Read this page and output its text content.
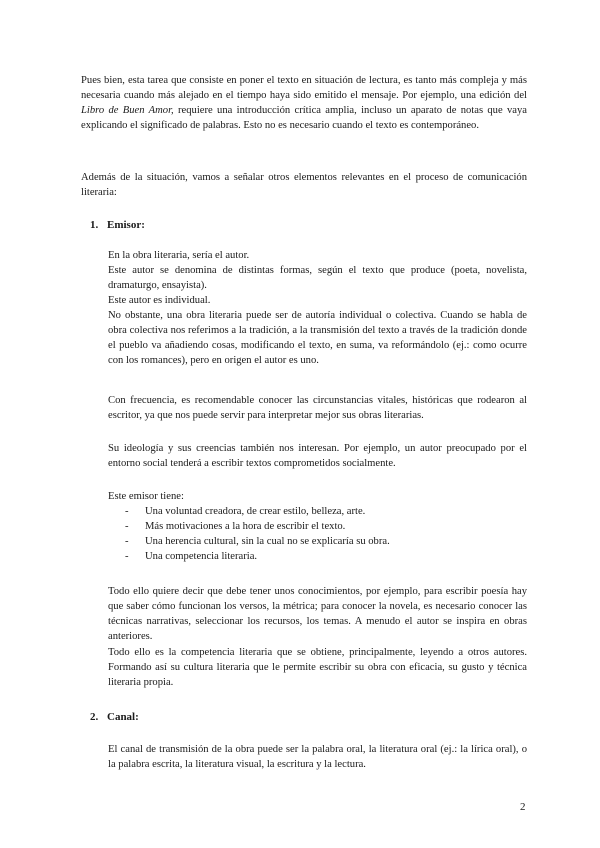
Pues bien, esta tarea que consiste en poner el texto en situación de lectura, es tanto más compleja y más necesaria cuando más alejado en el tiempo haya sido emitido el mensaje. Por ejemplo, una edición del Libro de Buen Amor, requiere una introducción crítica amplia, incluso un aparato de notas que vaya explicando el significado de palabras. Esto no es necesario cuando el texto es contemporáneo.

Además de la situación, vamos a señalar otros elementos relevantes en el proceso de comunicación literaria:

1. Emisor:

En la obra literaria, sería el autor.
Este autor se denomina de distintas formas, según el texto que produce (poeta, novelista, dramaturgo, ensayista).
Este autor es individual.
No obstante, una obra literaria puede ser de autoría individual o colectiva. Cuando se habla de obra colectiva nos referimos a la tradición, a la transmisión del texto a través de la tradición donde el pueblo va añadiendo cosas, modificando el texto, en suma, va reformándolo (ej.: como ocurre con los romances), pero en origen el autor es uno.

Con frecuencia, es recomendable conocer las circunstancias vitales, históricas que rodearon al escritor, ya que nos puede servir para interpretar mejor sus obras literarias.

Su ideología y sus creencias también nos interesan. Por ejemplo, un autor preocupado por el entorno social tenderá a escribir textos comprometidos socialmente.

Este emisor tiene:

- Una voluntad creadora, de crear estilo, belleza, arte.
- Más motivaciones a la hora de escribir el texto.
- Una herencia cultural, sin la cual no se explicaría su obra.
- Una competencia literaria.

Todo ello quiere decir que debe tener unos conocimientos, por ejemplo, para escribir poesía hay que saber cómo funcionan los versos, la métrica; para conocer la novela, es necesario conocer las técnicas narrativas, seleccionar los recursos, los temas. A menudo el autor se inspira en obras anteriores.

Todo ello es la competencia literaria que se obtiene, principalmente, leyendo a otros autores. Formando así su cultura literaria que le permite escribir su obra con eficacia, su gusto y técnica literaria propia.

2. Canal:

El canal de transmisión de la obra puede ser la palabra oral, la literatura oral (ej.: la lírica oral), o la palabra escrita, la literatura visual, la escritura y la lectura.

2
